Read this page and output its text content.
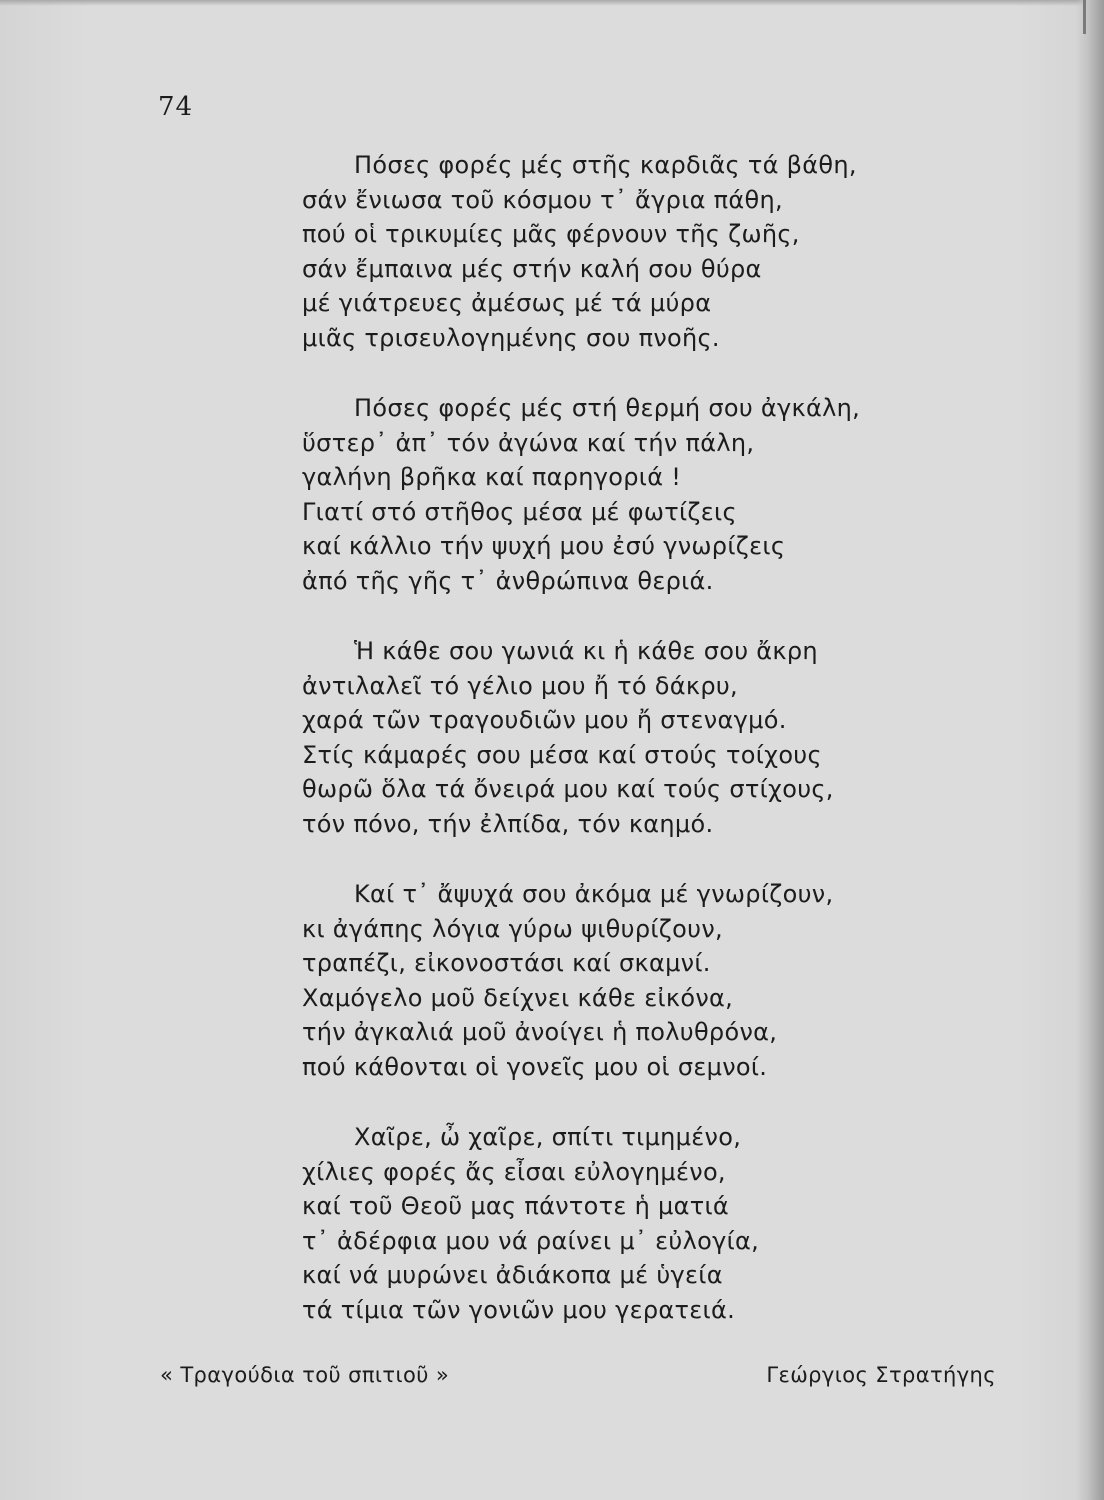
74
Πόσες φορές μές στῆς καρδιᾶς τά βάθη,
σάν ἔνιωσα τοῦ κόσμου τ᾽ ἄγρια πάθη,
πού οἱ τρικυμίες μᾶς φέρνουν τῆς ζωῆς,
σάν ἔμπαινα μές στήν καλή σου θύρα
μέ γιάτρευες ἀμέσως μέ τά μύρα
μιᾶς τρισευλογημένης σου πνοῆς.
Πόσες φορές μές στή θερμή σου ἀγκάλη,
ὕστερ᾽ ἀπ᾽ τόν ἀγώνα καί τήν πάλη,
γαλήνη βρῆκα καί παρηγοριά !
Γιατί στό στῆθος μέσα μέ φωτίζεις
καί κάλλιο τήν ψυχή μου ἐσύ γνωρίζεις
ἀπό τῆς γῆς τ᾽ ἀνθρώπινα θεριά.
Ἡ κάθε σου γωνιά κι ἡ κάθε σου ἄκρη
ἀντιλαλεῖ τό γέλιο μου ἤ τό δάκρυ,
χαρά τῶν τραγουδιῶν μου ἤ στεναγμό.
Στίς κάμαρές σου μέσα καί στούς τοίχους
θωρῶ ὅλα τά ὄνειρά μου καί τούς στίχους,
τόν πόνο, τήν ἐλπίδα, τόν καημό.
Καί τ᾽ ἄψυχά σου ἀκόμα μέ γνωρίζουν,
κι ἀγάπης λόγια γύρω ψιθυρίζουν,
τραπέζι, εἰκονοστάσι καί σκαμνί.
Χαμόγελο μοῦ δείχνει κάθε εἰκόνα,
τήν ἀγκαλιά μοῦ ἀνοίγει ἡ πολυθρόνα,
πού κάθονται οἱ γονεῖς μου οἱ σεμνοί.
Χαῖρε, ὦ χαῖρε, σπίτι τιμημένο,
χίλιες φορές ἄς εἶσαι εὐλογημένο,
καί τοῦ Θεοῦ μας πάντοτε ἡ ματιά
τ᾽ ἀδέρφια μου νά ραίνει μ᾽ εὐλογία,
καί νά μυρώνει ἀδιάκοπα μέ ὑγεία
τά τίμια τῶν γονιῶν μου γερατειά.
« Τραγούδια τοῦ σπιτιοῦ »	Γεώργιος Στρατήγης
